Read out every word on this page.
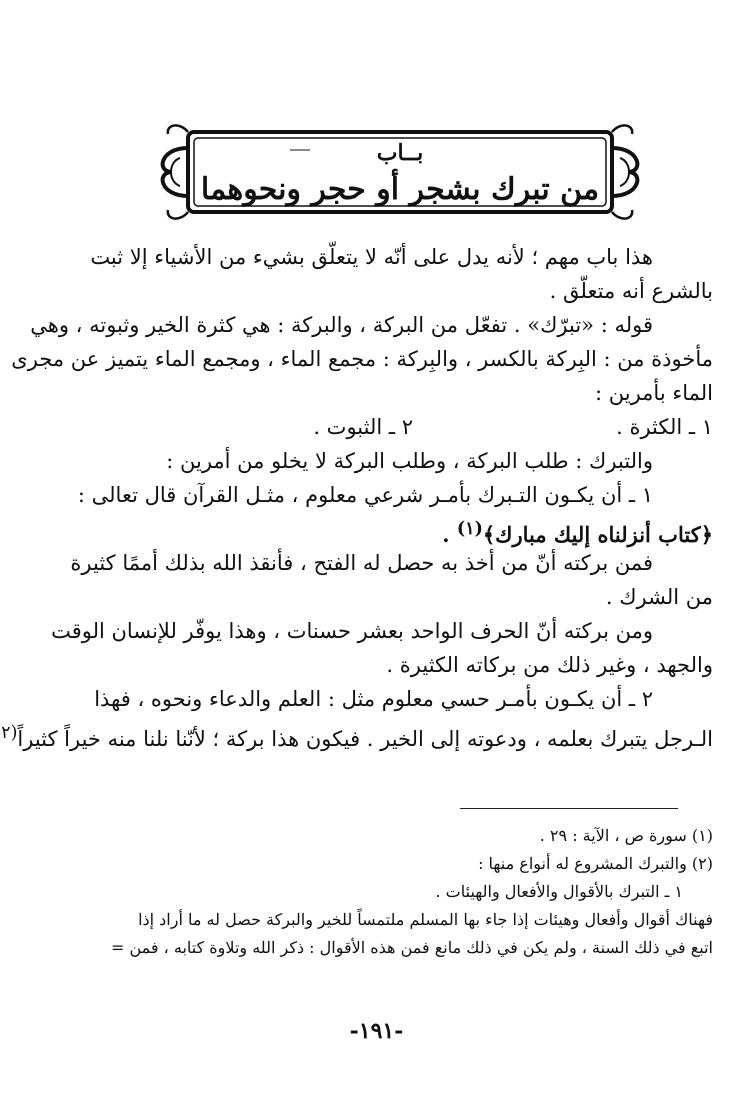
بــاب
من تبرك بشجر أو حجر ونحوهما
هذا باب مهم ؛ لأنه يدل على أنّه لا يتعلّق بشيء من الأشياء إلا ثبت
بالشرع أنه متعلّق .
قوله : «تبرّك» . تفعّل من البركة ، والبركة : هي كثرة الخير وثبوته ، وهي
مأخوذة من : البِركة بالكسر ، والبِركة : مجمع الماء ، ومجمع الماء يتميز عن مجرى
الماء بأمرين :
١ ـ الكثرة .
٢ ـ الثبوت .
والتبرك : طلب البركة ، وطلب البركة لا يخلو من أمرين :
١ ـ أن يكـون التـبرك بأمـر شرعي معلوم ، مثـل القرآن قال تعالى :
﴿كتاب أنزلناه إليك مبارك﴾$^{(١)}$ .
فمن بركته أنّ من أخذ به حصل له الفتح ، فأنقذ الله بذلك أممًا كثيرة
من الشرك .
ومن بركته أنّ الحرف الواحد بعشر حسنات ، وهذا يوفّر للإنسان الوقت
والجهد ، وغير ذلك من بركاته الكثيرة .
٢ ـ أن يكـون بأمـر حسي معلوم مثل : العلم والدعاء ونحوه ، فهذا
الـرجل يتبرك بعلمه ، ودعوته إلى الخير . فيكون هذا بركة ؛ لأنّنا نلنا منه خيراً كثيراً$^{(٢}$
(١) سورة ص ، الآية : ٢٩ .
(٢) والتبرك المشروع له أنواع منها :
١ ـ التبرك بالأقوال والأفعال والهيئات .
فهناك أقوال وأفعال وهيئات إذا جاء بها المسلم ملتمساً للخير والبركة حصل له ما أراد إذا
اتبع في ذلك السنة ، ولم يكن في ذلك مانع فمن هذه الأقوال : ذكر الله وتلاوة كتابه ، فمن =
-١٩١-
